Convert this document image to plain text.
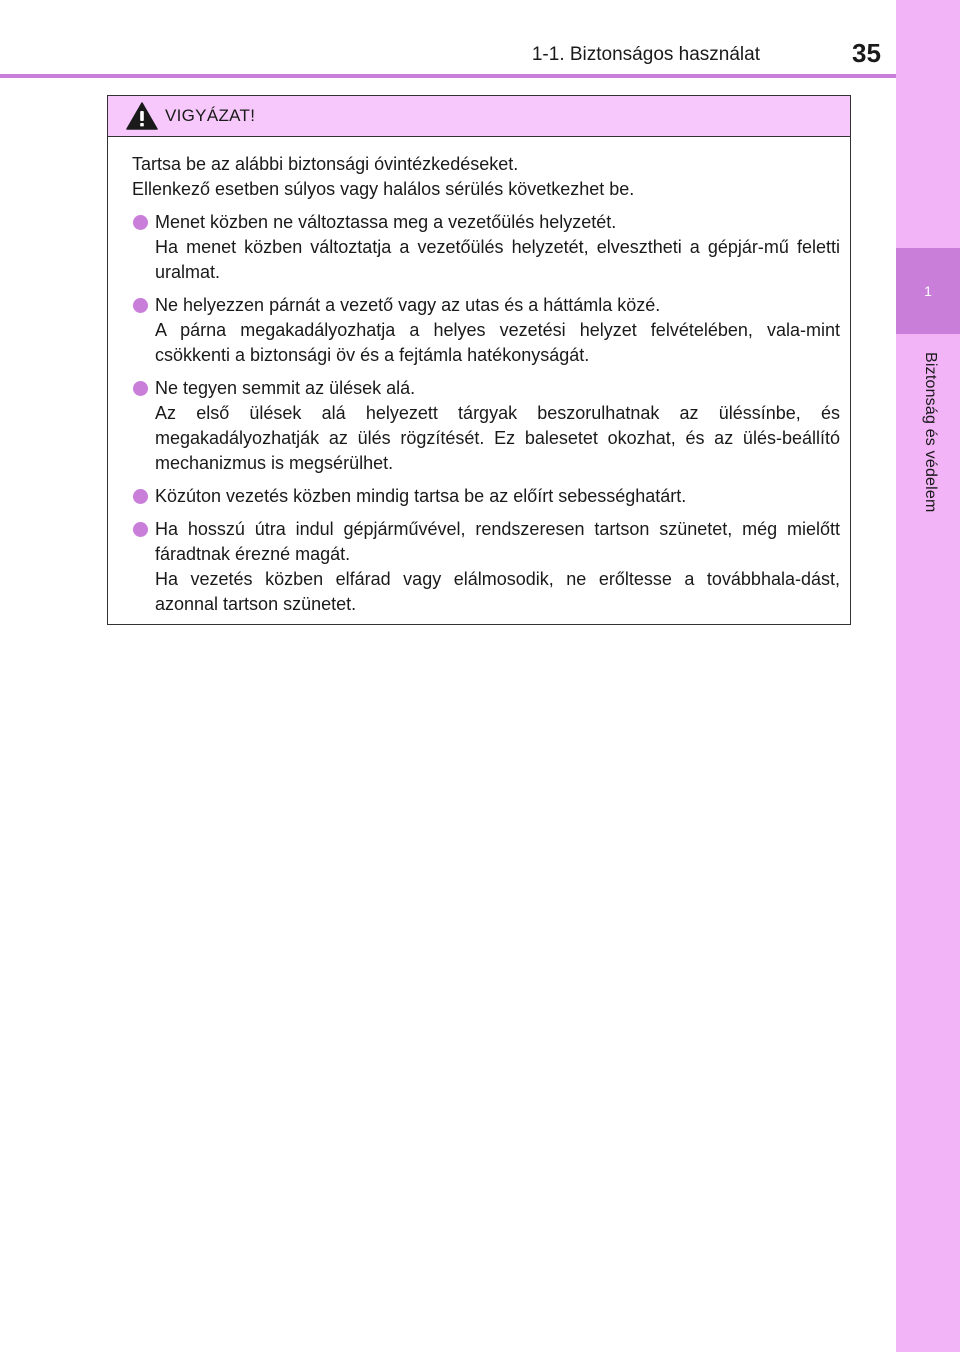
1-1. Biztonságos használat	35
1
Biztonság és védelem
VIGYÁZAT!

Tartsa be az alábbi biztonsági óvintézkedéseket.

Ellenkező esetben súlyos vagy halálos sérülés következhet be.

Menet közben ne változtassa meg a vezetőülés helyzetét.

Ha menet közben változtatja a vezetőülés helyzetét, elvesztheti a gépjár-mű feletti uralmat.

Ne helyezzen párnát a vezető vagy az utas és a háttámla közé.

A párna megakadályozhatja a helyes vezetési helyzet felvételében, vala-mint csökkenti a biztonsági öv és a fejtámla hatékonyságát.

Ne tegyen semmit az ülések alá.

Az első ülések alá helyezett tárgyak beszorulhatnak az üléssínbe, és megakadályozhatják az ülés rögzítését. Ez balesetet okozhat, és az ülés-beállító mechanizmus is megsérülhet.

Közúton vezetés közben mindig tartsa be az előírt sebességhatárt.

Ha hosszú útra indul gépjárművével, rendszeresen tartson szünetet, még mielőtt fáradtnak érezné magát.

Ha vezetés közben elfárad vagy elálmosodik, ne erőltesse a továbbhala-dást, azonnal tartson szünetet.
